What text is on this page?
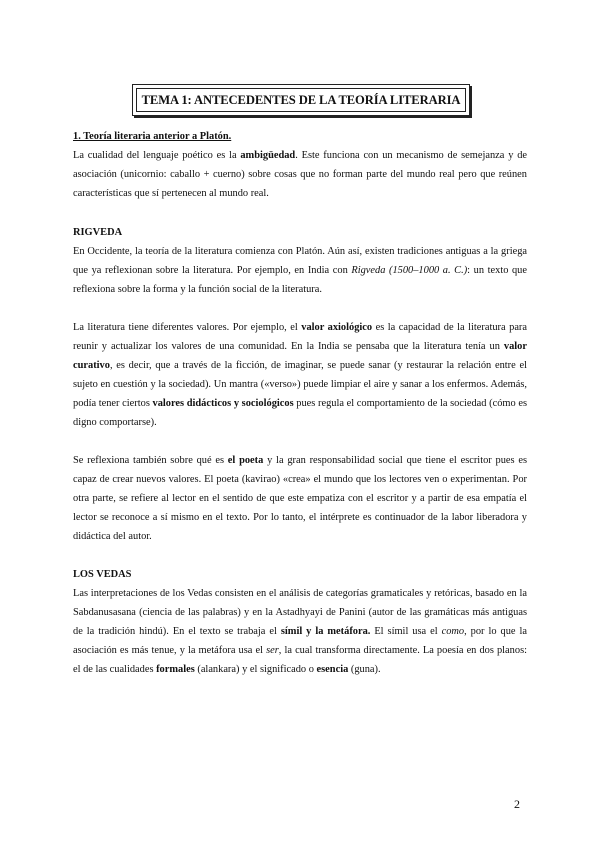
TEMA 1: ANTECEDENTES DE LA TEORÍA LITERARIA
1. Teoría literaria anterior a Platón.

La cualidad del lenguaje poético es la ambigüedad. Este funciona con un mecanismo de semejanza y de asociación (unicornio: caballo + cuerno) sobre cosas que no forman parte del mundo real pero que reúnen características que sí pertenecen al mundo real.

RIGVEDA

En Occidente, la teoría de la literatura comienza con Platón. Aún así, existen tradiciones antiguas a la griega que ya reflexionan sobre la literatura. Por ejemplo, en India con Rigveda (1500–1000 a. C.): un texto que reflexiona sobre la forma y la función social de la literatura.

La literatura tiene diferentes valores. Por ejemplo, el valor axiológico es la capacidad de la literatura para reunir y actualizar los valores de una comunidad. En la India se pensaba que la literatura tenía un valor curativo, es decir, que a través de la ficción, de imaginar, se puede sanar (y restaurar la relación entre el sujeto en cuestión y la sociedad). Un mantra («verso») puede limpiar el aire y sanar a los enfermos. Además, podía tener ciertos valores didácticos y sociológicos pues regula el comportamiento de la sociedad (cómo es digno comportarse).

Se reflexiona también sobre qué es el poeta y la gran responsabilidad social que tiene el escritor pues es capaz de crear nuevos valores. El poeta (kavirao) «crea» el mundo que los lectores ven o experimentan. Por otra parte, se refiere al lector en el sentido de que este empatiza con el escritor y a partir de esa empatía el lector se reconoce a sí mismo en el texto. Por lo tanto, el intérprete es continuador de la labor liberadora y didáctica del autor.

LOS VEDAS

Las interpretaciones de los Vedas consisten en el análisis de categorías gramaticales y retóricas, basado en la Sabdanusasana (ciencia de las palabras) y en la Astadhyayi de Panini (autor de las gramáticas más antiguas de la tradición hindú). En el texto se trabaja el símil y la metáfora. El símil usa el como, por lo que la asociación es más tenue, y la metáfora usa el ser, la cual transforma directamente. La poesía en dos planos: el de las cualidades formales (alankara) y el significado o esencia (guna).

2
